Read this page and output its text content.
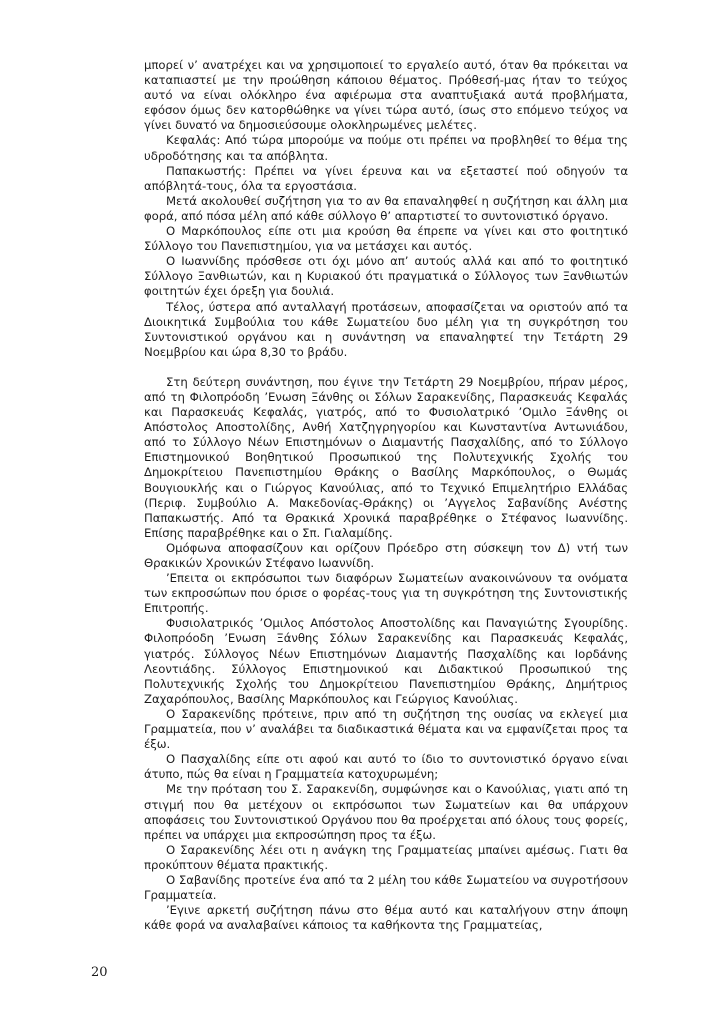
μπορεί ν’ ανατρέχει και να χρησιμοποιεί το εργαλείο αυτό, όταν θα πρόκειται να καταπιαστεί με την προώθηση κάποιου θέματος. Πρόθεσή-μας ήταν το τεύχος αυτό να είναι ολόκληρο ένα αφιέρωμα στα αναπτυξιακά αυτά προβλήματα, εφόσον όμως δεν κατορθώθηκε να γίνει τώρα αυτό, ίσως στο επόμενο τεύχος να γίνει δυνατό να δημοσιεύσουμε ολοκληρωμένες μελέτες.

Κεφαλάς: Από τώρα μπορούμε να πούμε οτι πρέπει να προβληθεί το θέμα της υδροδότησης και τα απόβλητα.

Παπακωστής: Πρέπει να γίνει έρευνα και να εξεταστεί πού οδηγούν τα απόβλητά-τους, όλα τα εργοστάσια.

Μετά ακολουθεί συζήτηση για το αν θα επαναληφθεί η συζήτηση και άλλη μια φορά, από πόσα μέλη από κάθε σύλλογο θ’ απαρτιστεί το συντονιστικό όργανο.

Ο Μαρκόπουλος είπε οτι μια κρούση θα έπρεπε να γίνει και στο φοιτητικό Σύλλογο του Πανεπιστημίου, για να μετάσχει και αυτός.

Ο Ιωαννίδης πρόσθεσε οτι όχι μόνο απ’ αυτούς αλλά και από το φοιτητικό Σύλλογο Ξανθιωτών, και η Κυριακού ότι πραγματικά ο Σύλλογος των Ξανθιωτών φοιτητών έχει όρεξη για δουλιά.

Τέλος, ύστερα από ανταλλαγή προτάσεων, αποφασίζεται να οριστούν από τα Διοικητικά Συμβούλια του κάθε Σωματείου δυο μέλη για τη συγκρότηση του Συντονιστικού οργάνου και η συνάντηση να επαναληφτεί την Τετάρτη 29 Νοεμβρίου και ώρα 8,30 το βράδυ.

Στη δεύτερη συνάντηση, που έγινε την Τετάρτη 29 Νοεμβρίου, πήραν μέρος, από τη Φιλοπρόοδη ’Ενωση Ξάνθης οι Σόλων Σαρακενίδης, Παρασκευάς Κεφαλάς και Παρασκευάς Κεφαλάς, γιατρός, από το Φυσιολατρικό ’Ομιλο Ξάνθης οι Απόστολος Αποστολίδης, Ανθή Χατζηγρηγορίου και Κωνσταντίνα Αντωνιάδου, από το Σύλλογο Νέων Επιστημόνων ο Διαμαντής Πασχαλίδης, από το Σύλλογο Επιστημονικού Βοηθητικού Προσωπικού της Πολυτεχνικής Σχολής του Δημοκρίτειου Πανεπιστημίου Θράκης ο Βασίλης Μαρκόπουλος, ο Θωμάς Βουγιουκλής και ο Γιώργος Κανούλιας, από το Τεχνικό Επιμελητήριο Ελλάδας (Περιφ. Συμβούλιο Α. Μακεδονίας-Θράκης) οι ’Αγγελος Σαβανίδης Ανέστης Παπακωστής. Από τα Θρακικά Χρονικά παραβρέθηκε ο Στέφανος Ιωαννίδης. Επίσης παραβρέθηκε και ο Σπ. Γιαλαμίδης.

Ομόφωνα αποφασίζουν και ορίζουν Πρόεδρο στη σύσκεψη τον Δ) ντή των Θρακικών Χρονικών Στέφανο Ιωαννίδη.

’Επειτα οι εκπρόσωποι των διαφόρων Σωματείων ανακοινώνουν τα ονόματα των εκπροσώπων που όρισε ο φορέας-τους για τη συγκρότηση της Συντονιστικής Επιτροπής.

Φυσιολατρικός ’Ομιλος Απόστολος Αποστολίδης και Παναγιώτης Σγουρίδης. Φιλοπρόοδη ’Ενωση Ξάνθης Σόλων Σαρακενίδης και Παρασκευάς Κεφαλάς, γιατρός. Σύλλογος Νέων Επιστημόνων Διαμαντής Πασχαλίδης και Ιορδάνης Λεοντιάδης. Σύλλογος Επιστημονικού και Διδακτικού Προσωπικού της Πολυτεχνικής Σχολής του Δημοκρίτειου Πανεπιστημίου Θράκης, Δημήτριος Ζαχαρόπουλος, Βασίλης Μαρκόπουλος και Γεώργιος Κανούλιας.

Ο Σαρακενίδης πρότεινε, πριν από τη συζήτηση της ουσίας να εκλεγεί μια Γραμματεία, που ν’ αναλάβει τα διαδικαστικά θέματα και να εμφανίζεται προς τα έξω.

Ο Πασχαλίδης είπε οτι αφού και αυτό το ίδιο το συντονιστικό όργανο είναι άτυπο, πώς θα είναι η Γραμματεία κατοχυρωμένη;

Με την πρόταση του Σ. Σαρακενίδη, συμφώνησε και ο Κανούλιας, γιατι από τη στιγμή που θα μετέχουν οι εκπρόσωποι των Σωματείων και θα υπάρχουν αποφάσεις του Συντονιστικού Οργάνου που θα προέρχεται από όλους τους φορείς, πρέπει να υπάρχει μια εκπροσώπηση προς τα έξω.

Ο Σαρακενίδης λέει οτι η ανάγκη της Γραμματείας μπαίνει αμέσως. Γιατι θα προκύπτουν θέματα πρακτικής.

Ο Σαβανίδης προτείνε ένα από τα 2 μέλη του κάθε Σωματείου να συγροτήσουν Γραμματεία.

’Εγινε αρκετή συζήτηση πάνω στο θέμα αυτό και καταλήγουν στην άποψη κάθε φορά να αναλαβαίνει κάποιος τα καθήκοντα της Γραμματείας,

20
